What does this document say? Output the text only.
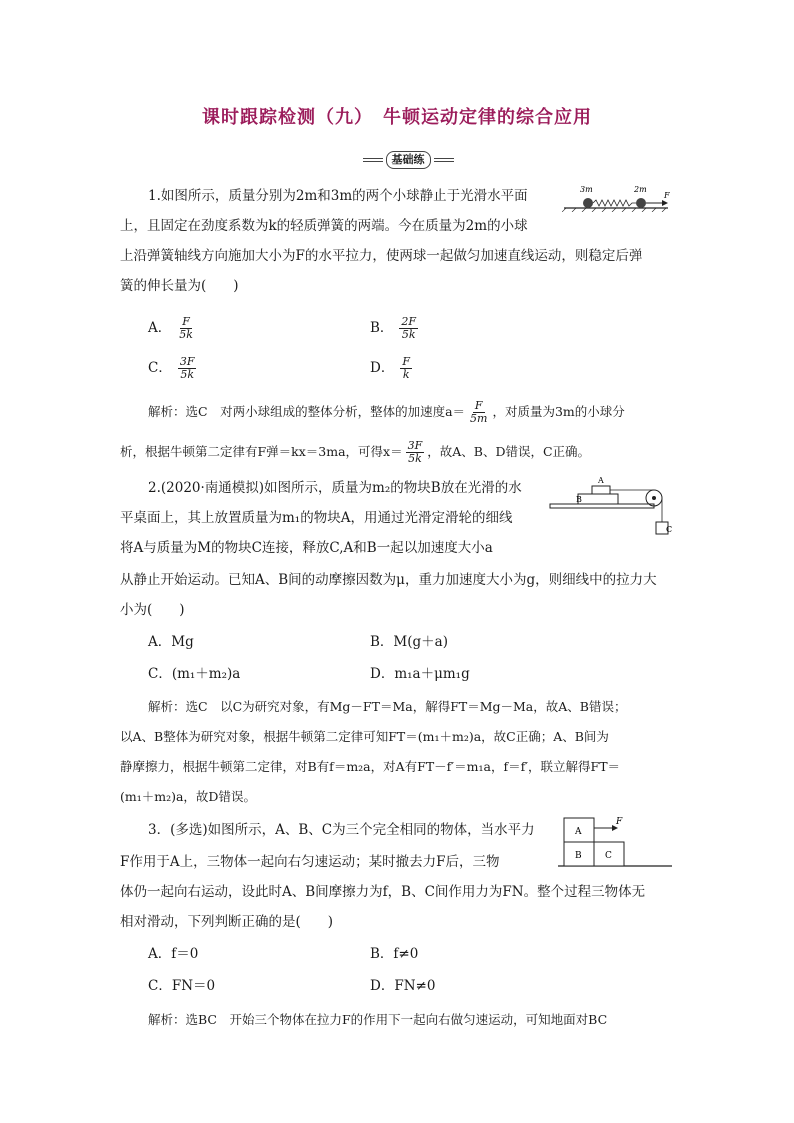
课时跟踪检测（九）　牛顿运动定律的综合应用
基础练
1.如图所示，质量分别为2m和3m的两个小球静止于光滑水平面
上，且固定在劲度系数为k的轻质弹簧的两端。今在质量为2m的小球
上沿弹簧轴线方向施加大小为F的水平拉力，使两球一起做匀加速直线运动，则稳定后弹
簧的伸长量为(　　)
3m	2m
F
A． $\frac{F}{5k}$	B． $\frac{2F}{5k}$
C． $\frac{3F}{5k}$	D． $\frac{F}{k}$
解析：选C　对两小球组成的整体分析，整体的加速度$a= \frac{F}{5m}$ ，对质量为3m的小球分
析，根据牛顿第二定律有F弹＝kx＝3ma，可得$x= \frac{3F}{5k}$ ，故A、B、D错误，C正确。
2.(2020·南通模拟)如图所示，质量为m₂的物块B放在光滑的水
平桌面上，其上放置质量为m₁的物块A，用通过光滑定滑轮的细线
将A与质量为M的物块C连接，释放C,A和B一起以加速度大小a
从静止开始运动。已知A、B间的动摩擦因数为μ，重力加速度大小为g，则细线中的拉力大
小为(　　)
A
B
C
A．Mg	B．M(g＋a)
C．(m₁＋m₂)a	D．m₁a＋μm₁g
解析：选C　以C为研究对象，有Mg－FT＝Ma，解得FT＝Mg－Ma，故A、B错误；
以A、B整体为研究对象，根据牛顿第二定律可知FT＝(m₁＋m₂)a，故C正确；A、B间为
静摩擦力，根据牛顿第二定律，对B有f＝m₂a，对A有FT－f′＝m₁a，f＝f′，联立解得FT＝
(m₁＋m₂)a，故D错误。
3．(多选)如图所示，A、B、C为三个完全相同的物体，当水平力
F作用于A上，三物体一起向右匀速运动；某时撤去力F后，三物
体仍一起向右运动，设此时A、B间摩擦力为f，B、C间作用力为FN。整个过程三物体无
相对滑动，下列判断正确的是(　　)
A
B	C
F
A．f＝0	B．f≠0
C．FN＝0	D．FN≠0
解析：选BC　开始三个物体在拉力F的作用下一起向右做匀速运动，可知地面对BC
